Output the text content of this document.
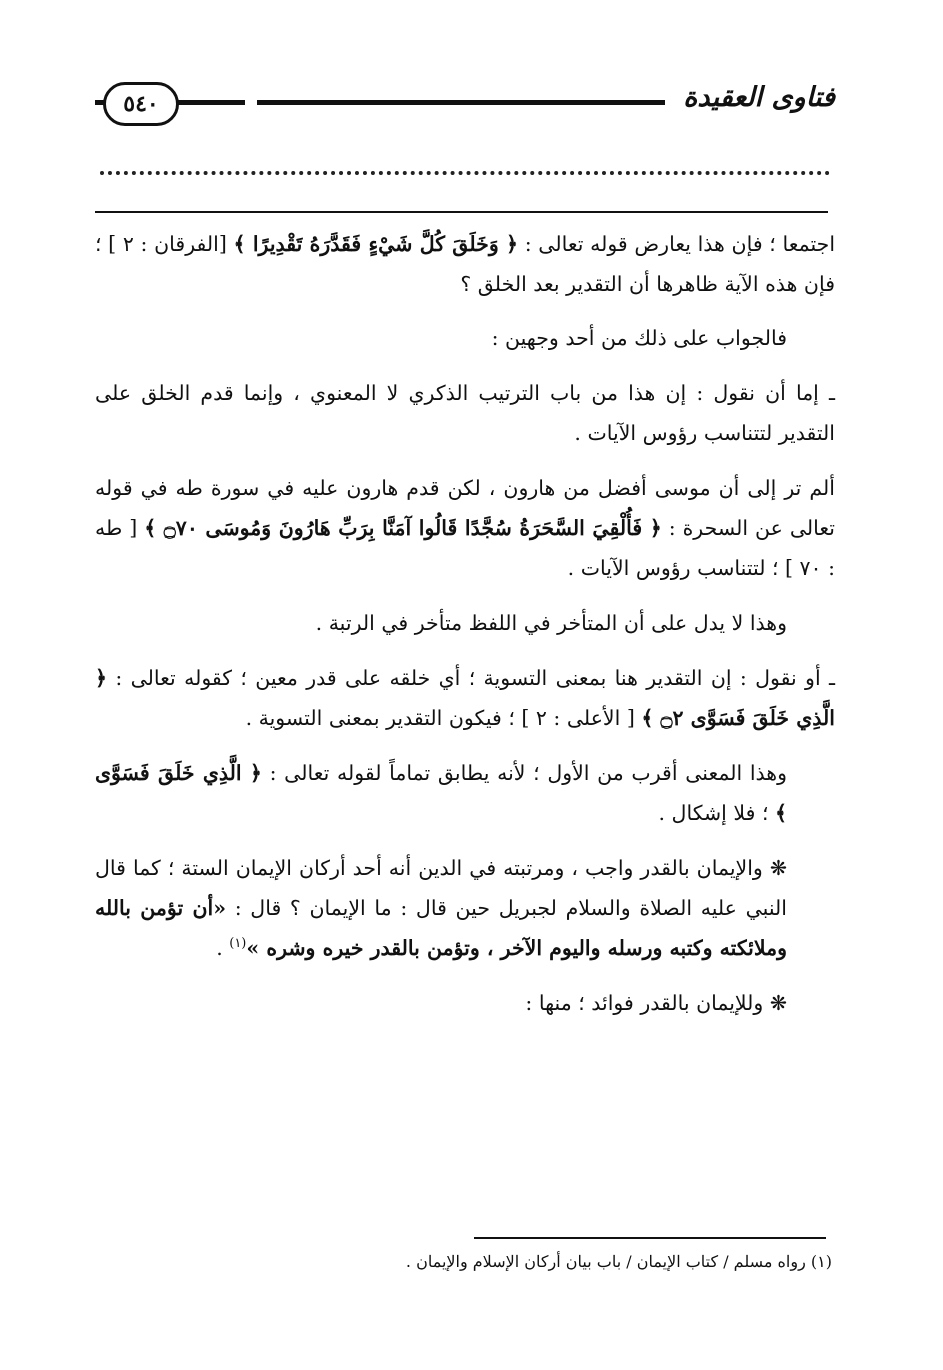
فتاوى العقيدة
٥٤٠

اجتمعا ؛ فإن هذا يعارض قوله تعالى : ﴿ وَخَلَقَ كُلَّ شَيْءٍ فَقَدَّرَهُ تَقْدِيرًا ﴾ [الفرقان : ٢ ] ؛ فإن هذه الآية ظاهرها أن التقدير بعد الخلق ؟

فالجواب على ذلك من أحد وجهين :

ـ إما أن نقول : إن هذا من باب الترتيب الذكري لا المعنوي ، وإنما قدم الخلق على التقدير لتتناسب رؤوس الآيات .

ألم تر إلى أن موسى أفضل من هارون ، لكن قدم هارون عليه في سورة طه في قوله تعالى عن السحرة : ﴿ فَأُلْقِيَ السَّحَرَةُ سُجَّدًا قَالُوا آمَنَّا بِرَبِّ هَارُونَ وَمُوسَى ۝٧٠ ﴾ [ طه : ٧٠ ] ؛ لتتناسب رؤوس الآيات .

وهذا لا يدل على أن المتأخر في اللفظ متأخر في الرتبة .

ـ أو نقول : إن التقدير هنا بمعنى التسوية ؛ أي خلقه على قدر معين ؛ كقوله تعالى : ﴿ الَّذِي خَلَقَ فَسَوَّى ۝٢ ﴾ [ الأعلى : ٢ ] ؛ فيكون التقدير بمعنى التسوية .

وهذا المعنى أقرب من الأول ؛ لأنه يطابق تماماً لقوله تعالى : ﴿ الَّذِي خَلَقَ فَسَوَّى ﴾ ؛ فلا إشكال .

❋ والإيمان بالقدر واجب ، ومرتبته في الدين أنه أحد أركان الإيمان الستة ؛ كما قال النبي عليه الصلاة والسلام لجبريل حين قال : ما الإيمان ؟ قال : «أن تؤمن بالله وملائكته وكتبه ورسله واليوم الآخر ، وتؤمن بالقدر خيره وشره »$^{(١)}$ .

❋ وللإيمان بالقدر فوائد ؛ منها :

(١) رواه مسلم / كتاب الإيمان / باب بيان أركان الإسلام والإيمان .
